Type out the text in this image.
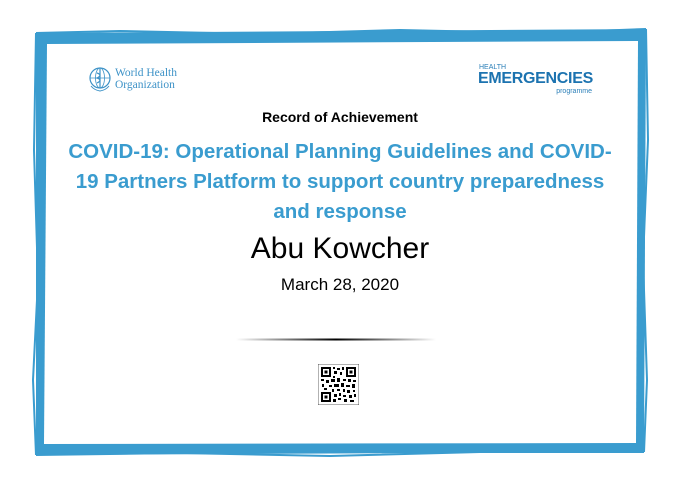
World Health
Organization
HEALTH
EMERGENCIES
programme
Record of Achievement
COVID-19: Operational Planning Guidelines and COVID-19 Partners Platform to support country preparedness and response
Abu Kowcher
March 28, 2020
